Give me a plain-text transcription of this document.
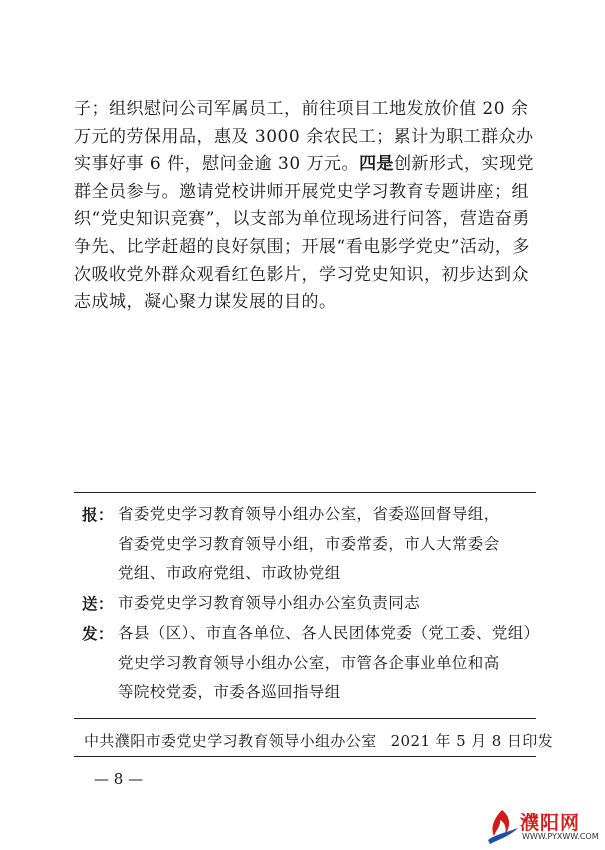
子；组织慰问公司军属员工，前往项目工地发放价值 20 余万元的劳保用品，惠及 3000 余农民工；累计为职工群众办实事好事 6 件，慰问金逾 30 万元。四是创新形式，实现党群全员参与。邀请党校讲师开展党史学习教育专题讲座；组织“党史知识竞赛”，以支部为单位现场进行问答，营造奋勇争先、比学赶超的良好氛围；开展“看电影学党史”活动，多次吸收党外群众观看红色影片，学习党史知识，初步达到众志成城，凝心聚力谋发展的目的。
报： 省委党史学习教育领导小组办公室，省委巡回督导组，
省委党史学习教育领导小组，市委常委，市人大常委会
党组、市政府党组、市政协党组
送： 市委党史学习教育领导小组办公室负责同志
发： 各县（区）、市直各单位、各人民团体党委（党工委、党组）
党史学习教育领导小组办公室，市管各企事业单位和高
等院校党委，市委各巡回指导组
中共濮阳市委党史学习教育领导小组办公室 2021 年 5 月 8 日印发
— 8 —
濮阳网
WWW.PYXWW.COM
